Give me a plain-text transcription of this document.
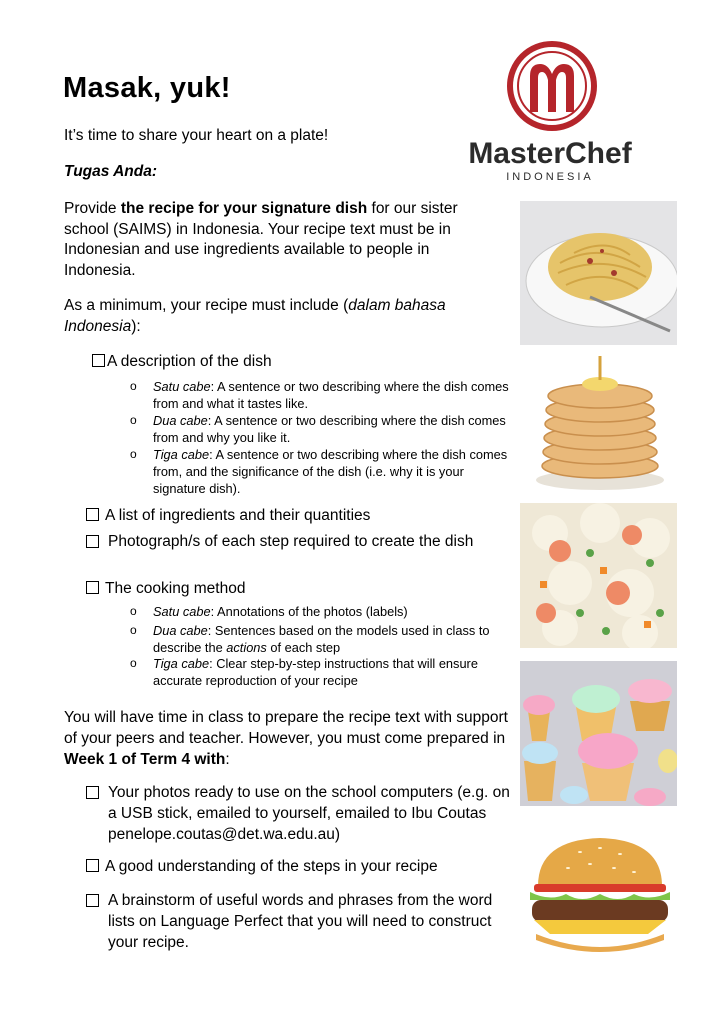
Masak, yuk!
It’s time to share your heart on a plate!
Tugas Anda:
Provide the recipe for your signature dish for our sister school (SAIMS) in Indonesia. Your recipe text must be in Indonesian and use ingredients available to people in Indonesia.
As a minimum, your recipe must include (dalam bahasa Indonesia):
A description of the dish
o	Satu cabe: A sentence or two describing where the dish comes from and what it tastes like.
o	Dua cabe: A sentence or two describing where the dish comes from and why you like it.
o	Tiga cabe: A sentence or two describing where the dish comes from, and the significance of the dish (i.e. why it is your signature dish).
A list of ingredients and their quantities
Photograph/s of each step required to create the dish
The cooking method
o	Satu cabe: Annotations of the photos (labels)
o	Dua cabe: Sentences based on the models used in class to describe the actions of each step
o	Tiga cabe: Clear step-by-step instructions that will ensure accurate reproduction of your recipe
You will have time in class to prepare the recipe text with support of your peers and teacher. However, you must come prepared in Week 1 of Term 4 with:
Your photos ready to use on the school computers (e.g. on a USB stick, emailed to yourself, emailed to Ibu Coutas penelope.coutas@det.wa.edu.au)
A good understanding of the steps in your recipe
A brainstorm of useful words and phrases from the word lists on Language Perfect that you will need to construct your recipe.
MasterChef
INDONESIA
